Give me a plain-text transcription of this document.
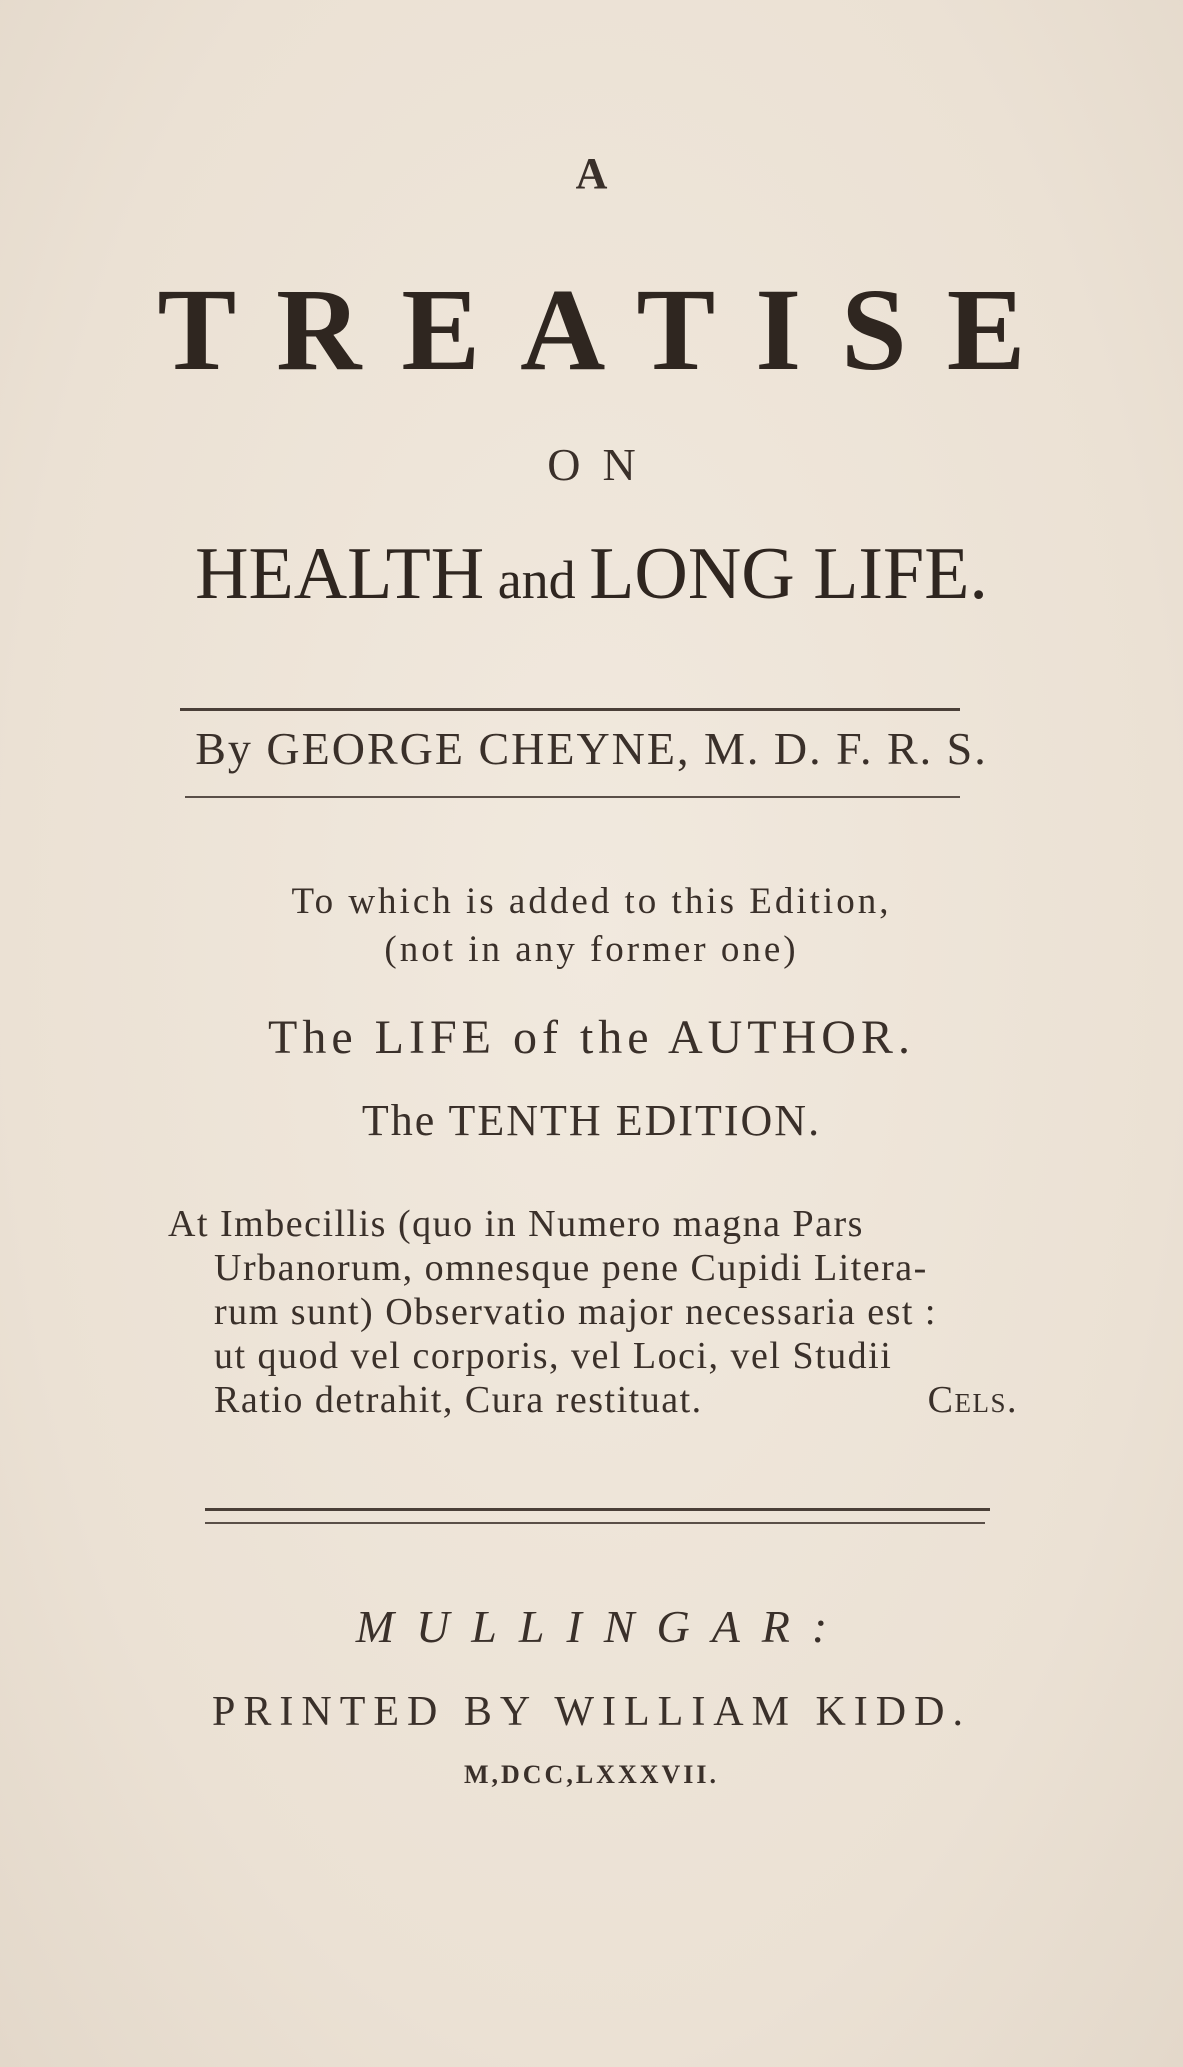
A
TREATISE
ON
HEALTH and LONG LIFE.
By GEORGE CHEYNE, M. D. F. R. S.
To which is added to this Edition,
(not in any former one)
The LIFE of the AUTHOR.
The TENTH EDITION.
At Imbecillis (quo in Numero magna Pars
Urbanorum, omnesque pene Cupidi Litera-
rum sunt) Observatio major necessaria est :
ut quod vel corporis, vel Loci, vel Studii
Ratio detrahit, Cura restituat.	Cels.
MULLINGAR:
PRINTED BY WILLIAM KIDD.
M,DCC,LXXXVII.
